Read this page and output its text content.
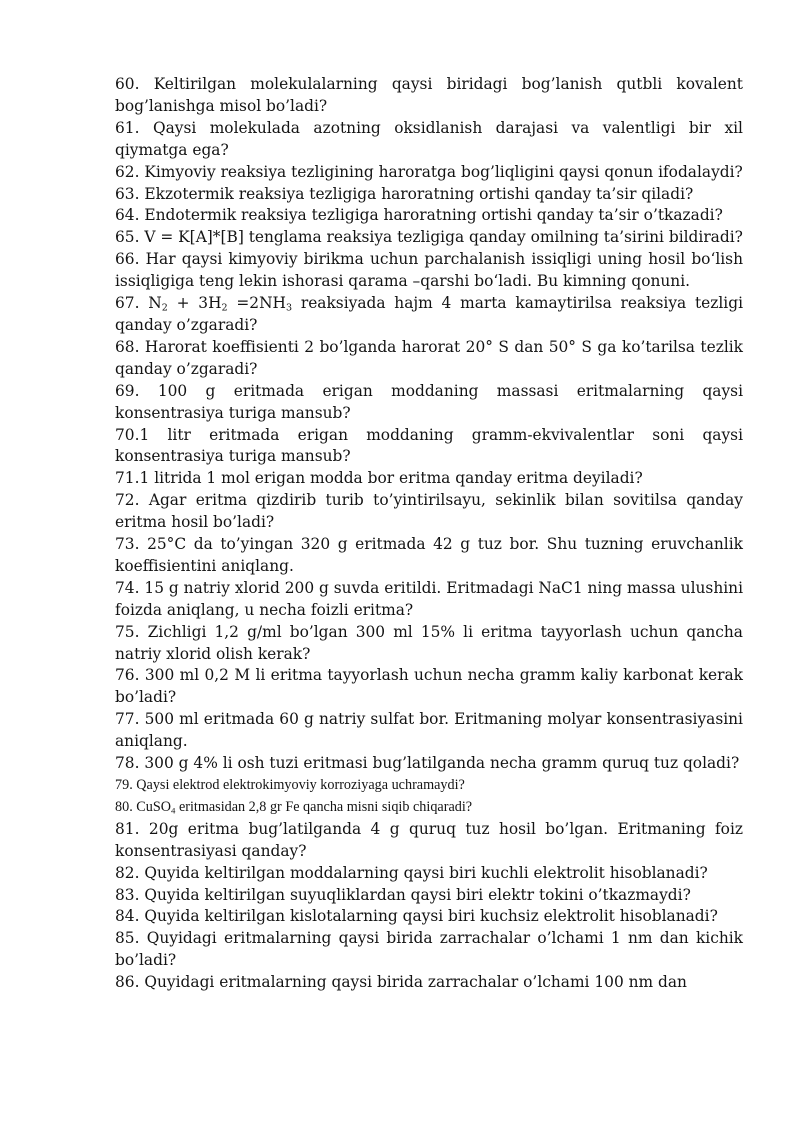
60. Keltirilgan molekulalarning qaysi biridagi bog’lanish qutbli kovalent bog’lanishga misol bo’ladi?

61. Qaysi molekulada azotning oksidlanish darajasi va valentligi bir xil qiymatga ega?

62. Kimyoviy reaksiya tezligining haroratga bog’liqligini qaysi qonun ifodalaydi?

63. Ekzotermik reaksiya tezligiga haroratning ortishi qanday ta’sir qiladi?

64. Endotermik reaksiya tezligiga haroratning ortishi qanday ta’sir o’tkazadi?

65. V = K[A]*[B] tenglama reaksiya tezligiga qanday omilning ta’sirini bildiradi?

66. Har qaysi kimyoviy birikma uchun parchalanish issiqligi uning hosil bo‘lish issiqligiga teng lekin ishorasi qarama –qarshi bo‘ladi. Bu kimning qonuni.

67. $N_2 + 3H_2 =2NH_3$ reaksiyada hajm 4 marta kamaytirilsa reaksiya tezligi qanday o’zgaradi?

68. Harorat koeffisienti 2 bo’lganda harorat 20° S dan 50° S ga ko’tarilsa tezlik qanday o’zgaradi?

69. 100 g eritmada erigan moddaning massasi eritmalarning qaysi konsentrasiya turiga mansub?

70.1 litr eritmada erigan moddaning gramm-ekvivalentlar soni qaysi konsentrasiya turiga mansub?

71.1 litrida 1 mol erigan modda bor eritma qanday eritma deyiladi?

72. Agar eritma qizdirib turib to’yintirilsayu, sekinlik bilan sovitilsa qanday eritma hosil bo’ladi?

73. 25°C da to’yingan 320 g eritmada 42 g tuz bor. Shu tuzning eruvchanlik koeffisientini aniqlang.

74. 15 g natriy xlorid 200 g suvda eritildi. Eritmadagi NaC1 ning massa ulushini foizda aniqlang, u necha foizli eritma?

75. Zichligi 1,2 g/ml bo’lgan 300 ml 15% li eritma tayyorlash uchun qancha natriy xlorid olish kerak?

76. 300 ml 0,2 M li eritma tayyorlash uchun necha gramm kaliy karbonat kerak bo’ladi?

77. 500 ml eritmada 60 g natriy sulfat bor. Eritmaning molyar konsentrasiyasini aniqlang.

78. 300 g 4% li osh tuzi eritmasi bug’latilganda necha gramm quruq tuz qoladi?

79. Qaysi elektrod elektrokimyoviy korroziyaga uchramaydi?

80. CuSO$_4$ eritmasidan 2,8 gr Fe qancha misni siqib chiqaradi?

81. 20g eritma bug’latilganda 4 g quruq tuz hosil bo’lgan. Eritmaning foiz konsentrasiyasi qanday?

82. Quyida keltirilgan moddalarning qaysi biri kuchli elektrolit hisoblanadi?

83. Quyida keltirilgan suyuqliklardan qaysi biri elektr tokini o’tkazmaydi?

84. Quyida keltirilgan kislotalarning qaysi biri kuchsiz elektrolit hisoblanadi?

85. Quyidagi eritmalarning qaysi birida zarrachalar o’lchami 1 nm dan kichik bo’ladi?

86. Quyidagi eritmalarning qaysi birida zarrachalar o’lchami 100 nm dan
